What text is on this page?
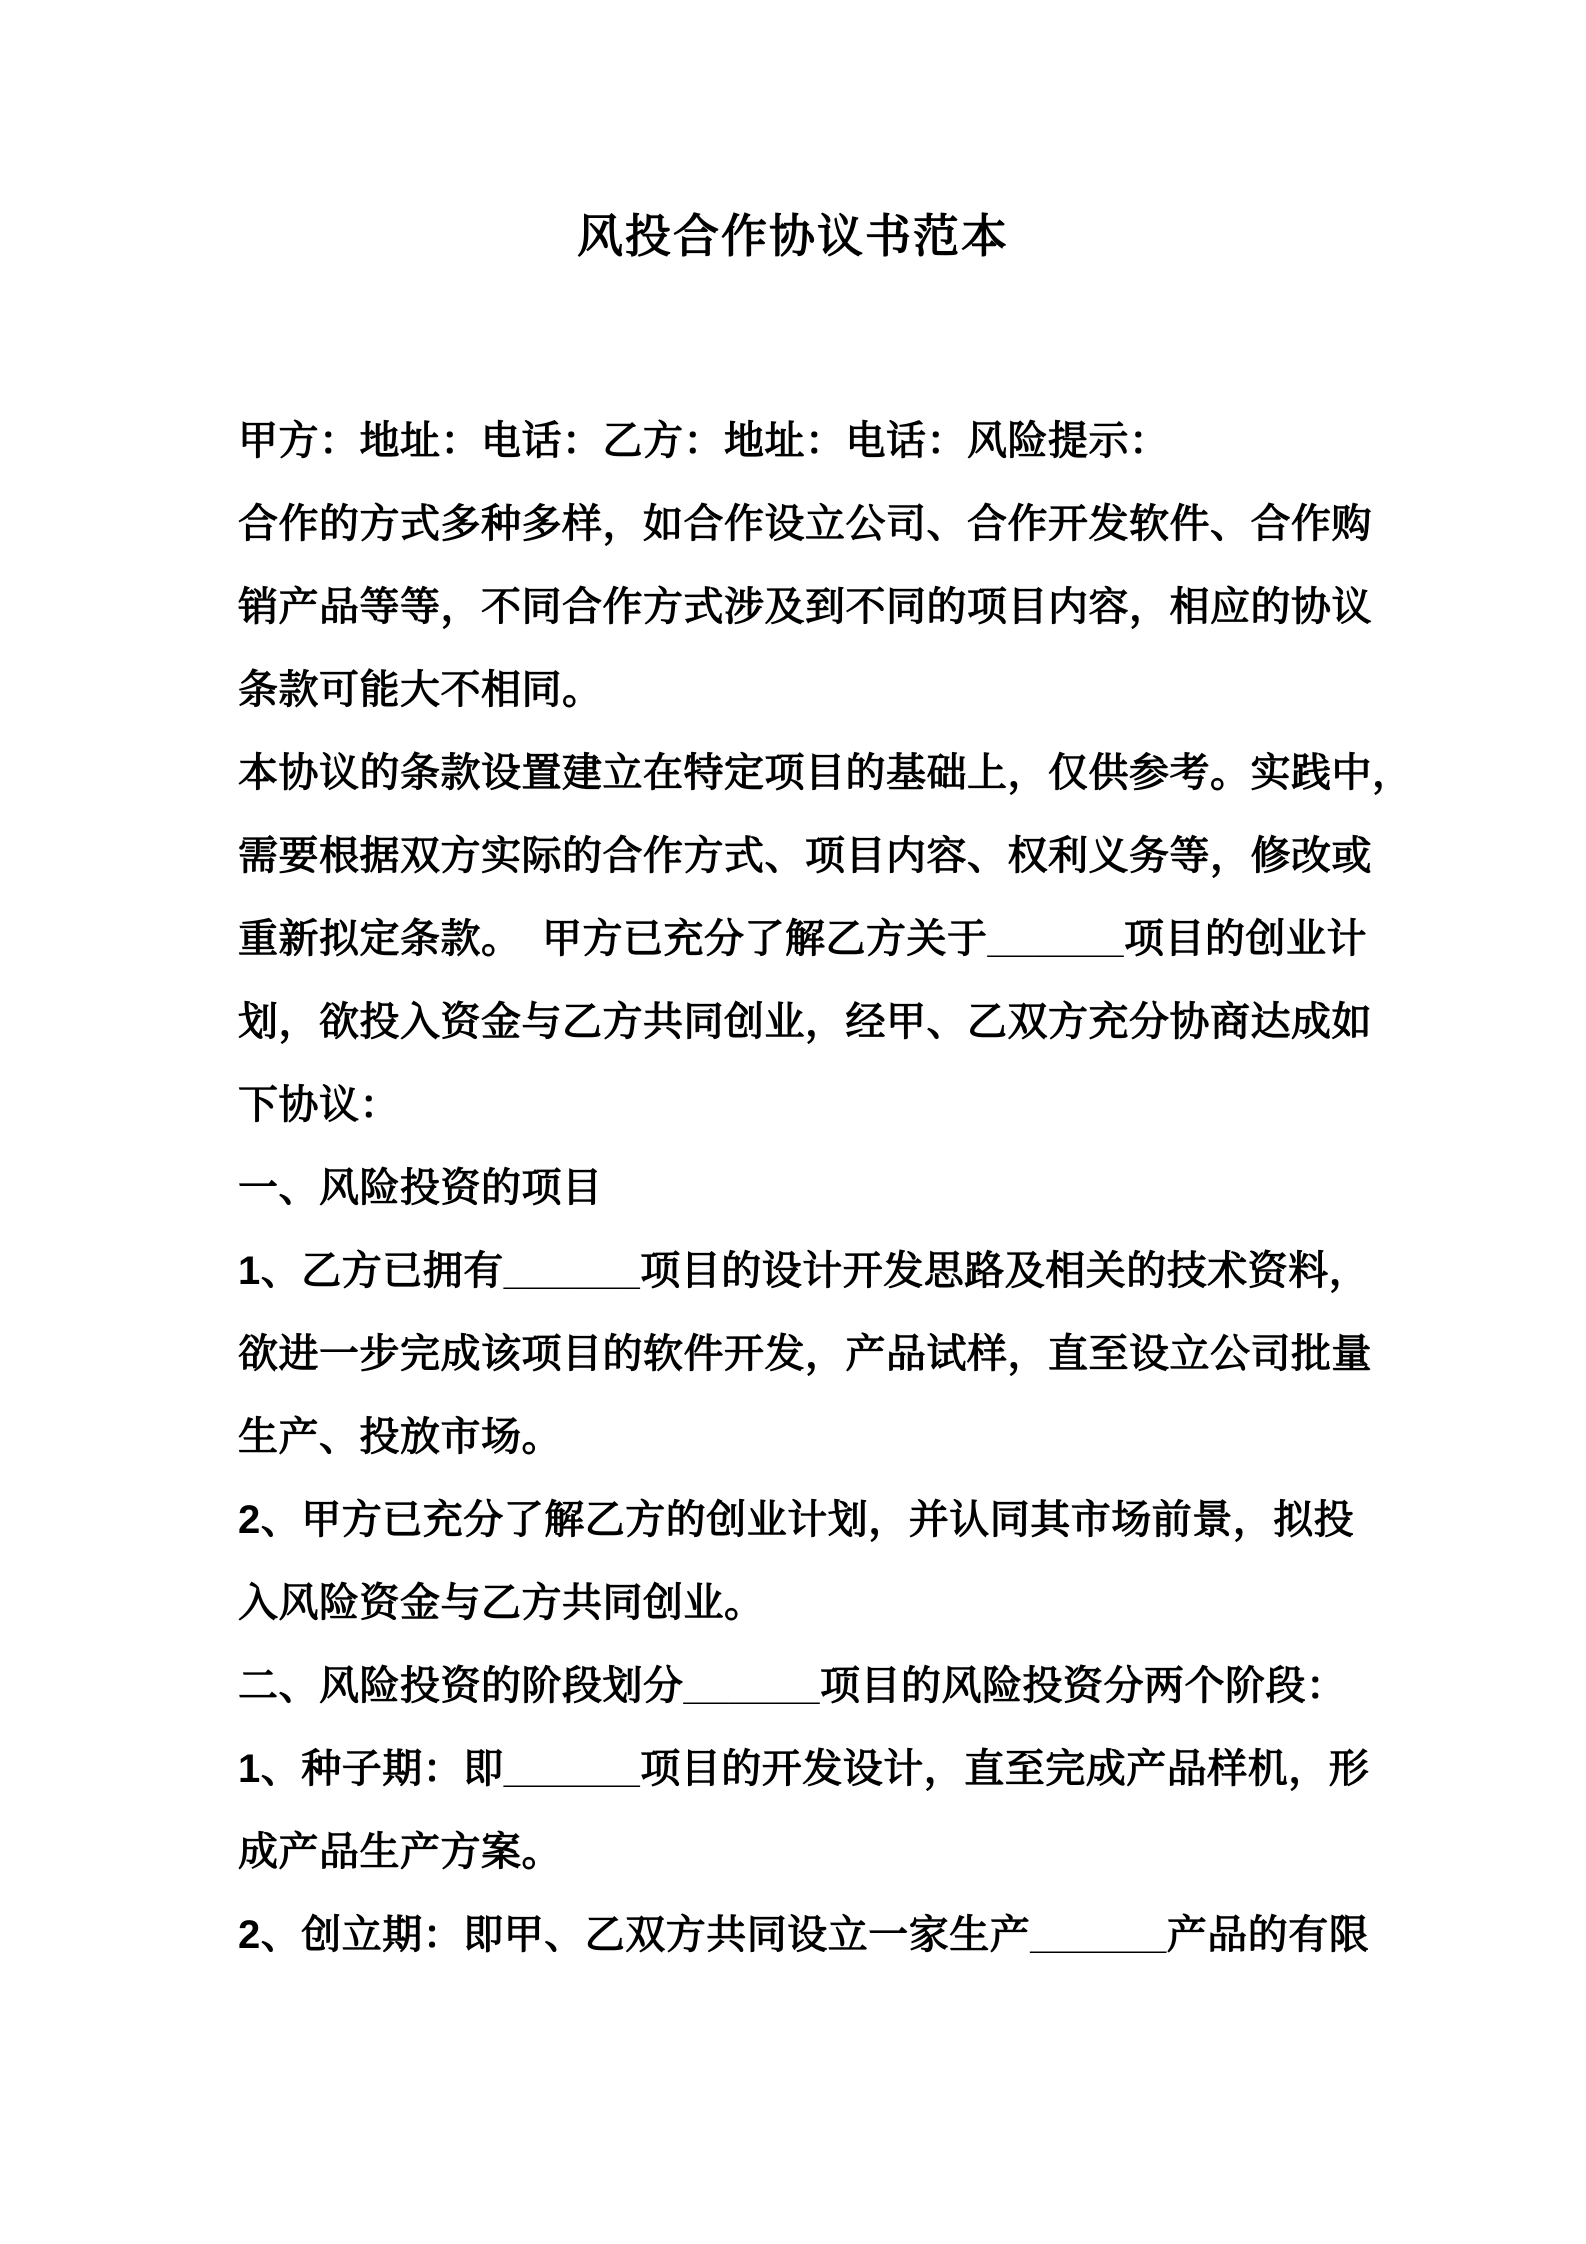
风投合作协议书范本
甲方：地址：电话：乙方：地址：电话：风险提示：
合作的方式多种多样，如合作设立公司、合作开发软件、合作购
销产品等等，不同合作方式涉及到不同的项目内容，相应的协议
条款可能大不相同。
本协议的条款设置建立在特定项目的基础上，仅供参考。实践中，
需要根据双方实际的合作方式、项目内容、权利义务等，修改或
重新拟定条款。　甲方已充分了解乙方关于______项目的创业计
划，欲投入资金与乙方共同创业，经甲、乙双方充分协商达成如
下协议：
一、风险投资的项目
1、乙方已拥有______项目的设计开发思路及相关的技术资料，
欲进一步完成该项目的软件开发，产品试样，直至设立公司批量
生产、投放市场。
2、甲方已充分了解乙方的创业计划，并认同其市场前景，拟投
入风险资金与乙方共同创业。
二、风险投资的阶段划分______项目的风险投资分两个阶段：
1、种子期：即______项目的开发设计，直至完成产品样机，形
成产品生产方案。
2、创立期：即甲、乙双方共同设立一家生产______产品的有限
